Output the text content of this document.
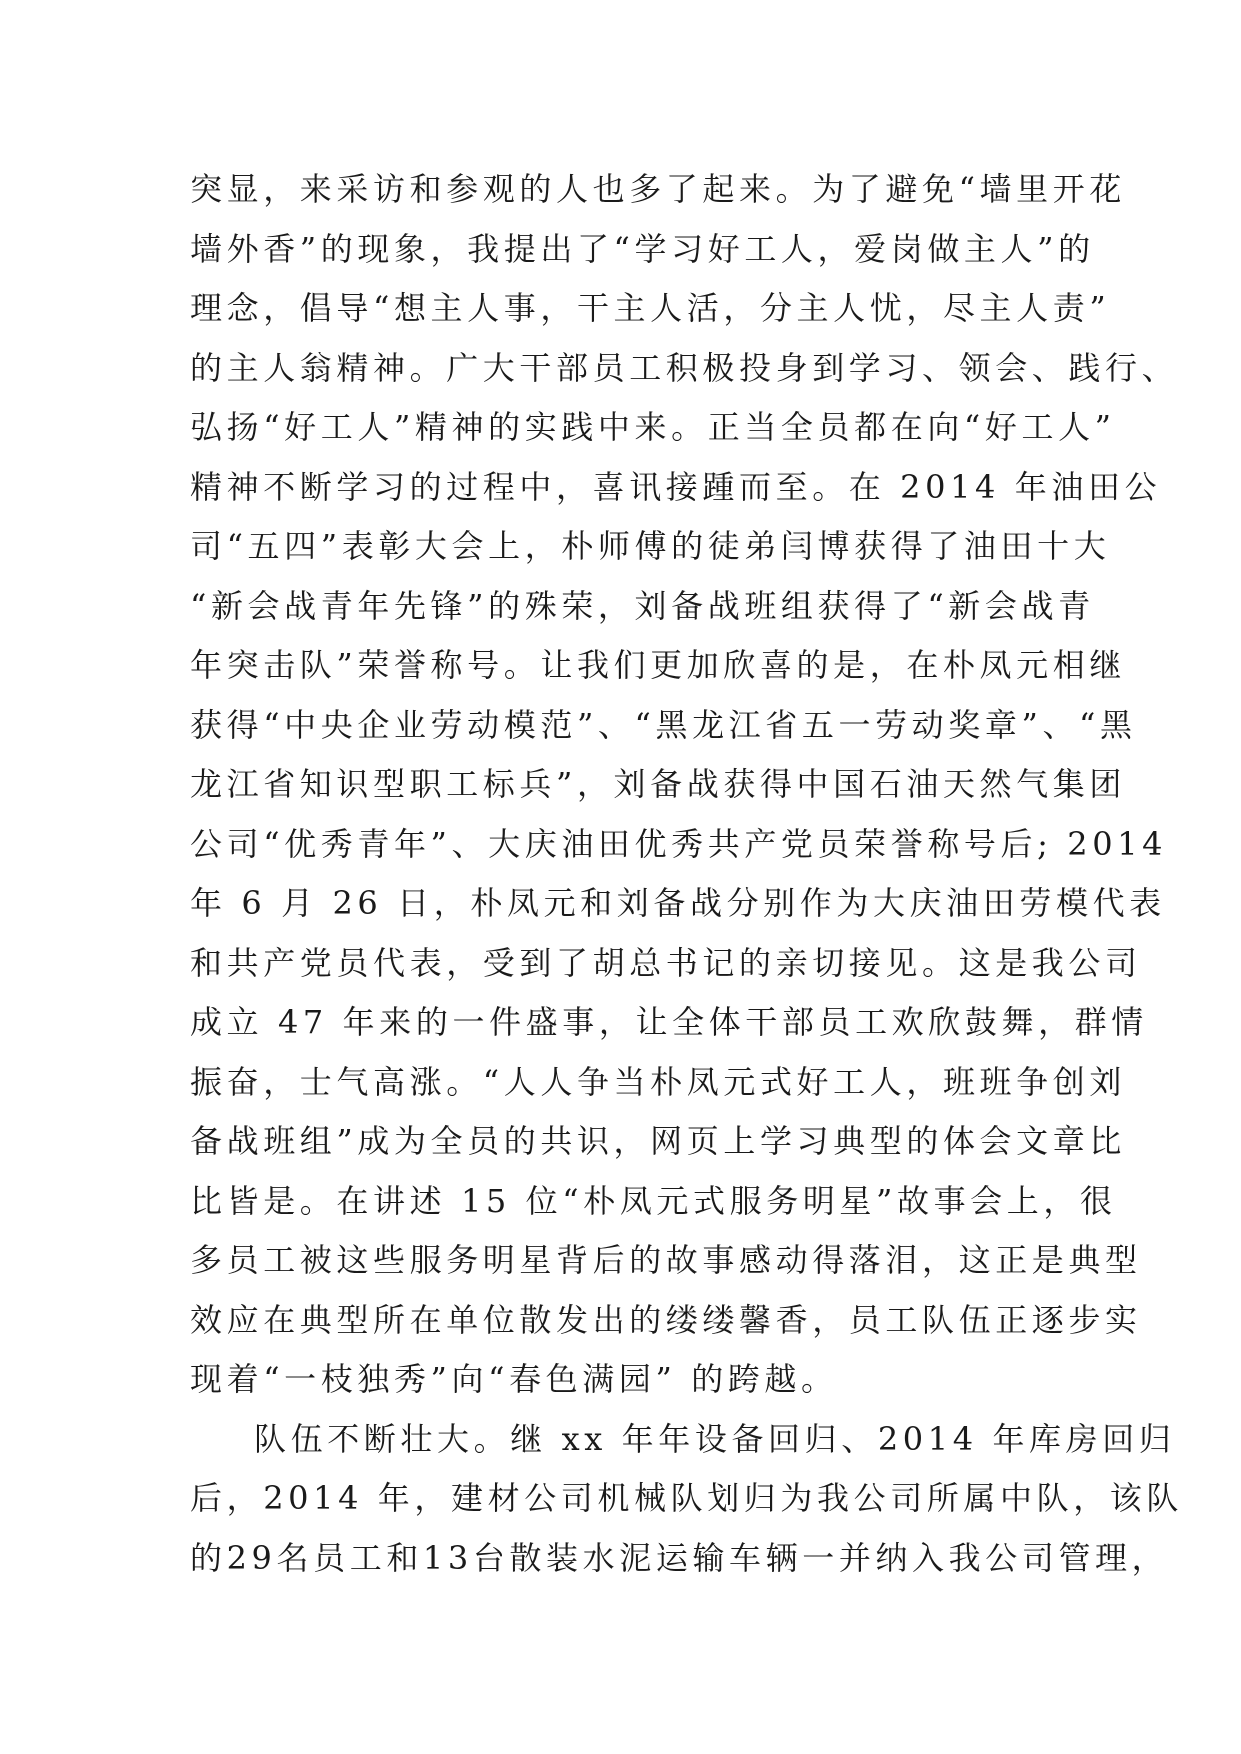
突显，来采访和参观的人也多了起来。为了避免“墙里开花
墙外香”的现象，我提出了“学习好工人，爱岗做主人”的
理念，倡导“想主人事，干主人活，分主人忧，尽主人责”
的主人翁精神。广大干部员工积极投身到学习、领会、践行、
弘扬“好工人”精神的实践中来。正当全员都在向“好工人”
精神不断学习的过程中，喜讯接踵而至。在 2014 年油田公
司“五四”表彰大会上，朴师傅的徒弟闫博获得了油田十大
“新会战青年先锋”的殊荣，刘备战班组获得了“新会战青
年突击队”荣誉称号。让我们更加欣喜的是，在朴凤元相继
获得“中央企业劳动模范”、“黑龙江省五一劳动奖章”、“黑
龙江省知识型职工标兵”，刘备战获得中国石油天然气集团
公司“优秀青年”、大庆油田优秀共产党员荣誉称号后; 2014
年 6 月 26 日，朴凤元和刘备战分别作为大庆油田劳模代表
和共产党员代表，受到了胡总书记的亲切接见。这是我公司
成立 47 年来的一件盛事，让全体干部员工欢欣鼓舞，群情
振奋，士气高涨。“人人争当朴凤元式好工人，班班争创刘
备战班组”成为全员的共识，网页上学习典型的体会文章比
比皆是。在讲述 15 位“朴凤元式服务明星”故事会上，很
多员工被这些服务明星背后的故事感动得落泪，这正是典型
效应在典型所在单位散发出的缕缕馨香，员工队伍正逐步实
现着“一枝独秀”向“春色满园” 的跨越。
队伍不断壮大。继 xx 年年设备回归、2014 年库房回归
后，2014 年，建材公司机械队划归为我公司所属中队，该队
的29名员工和13台散装水泥运输车辆一并纳入我公司管理，
